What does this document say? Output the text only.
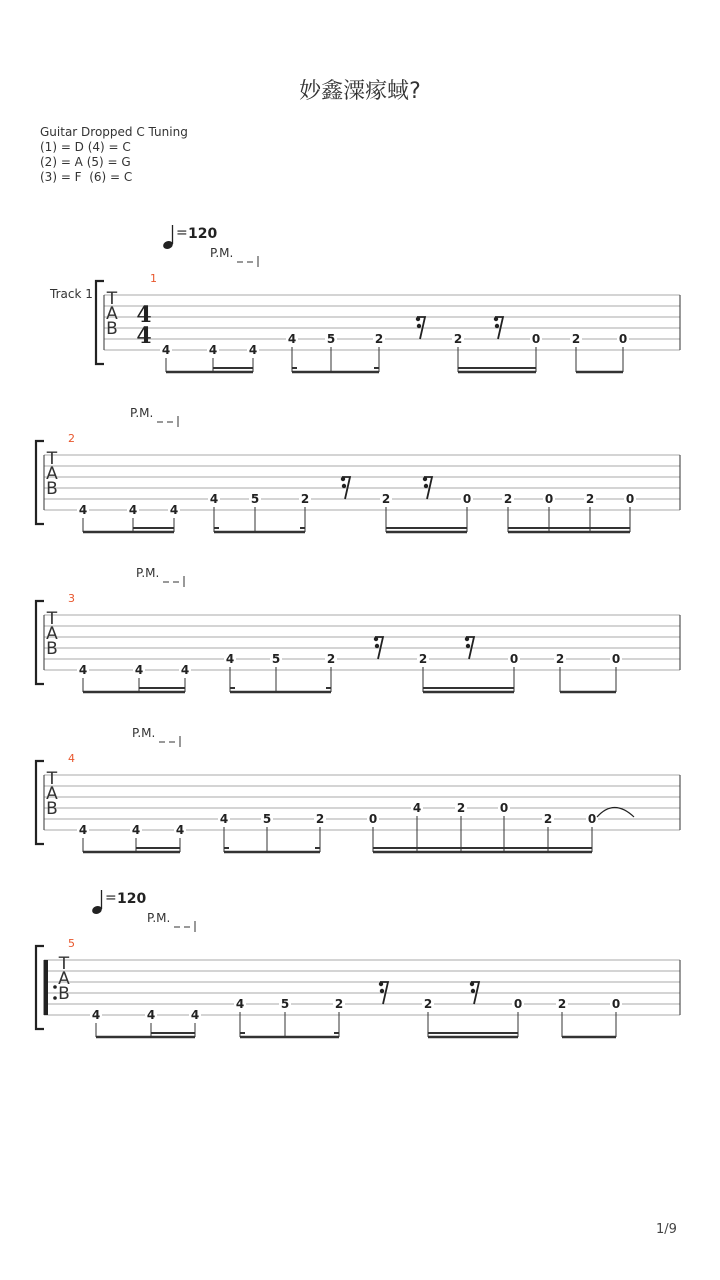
妙鑫潥瘃蜮?
Guitar Dropped C Tuning
(1) = D (4) = C
(2) = A (5) = G
(3) = F  (6) = C
T
A
B
4
4
Track 1
1
P.M.
= 120
4	4	4
4	5	2	2	0	2	0
T
A
B
2
P.M.
4	4	4
4	5	2	2	0	2	0	2	0
T
A
B
3
P.M.
4	4	4
4	5	2	2	0	2	0
T
A
B
4
P.M.
4	4	4
4	5	2	0
4	2	0
2	0
T
A
B
5
P.M.
= 120
4	4	4
4	5	2	2	0	2	0
1/9
